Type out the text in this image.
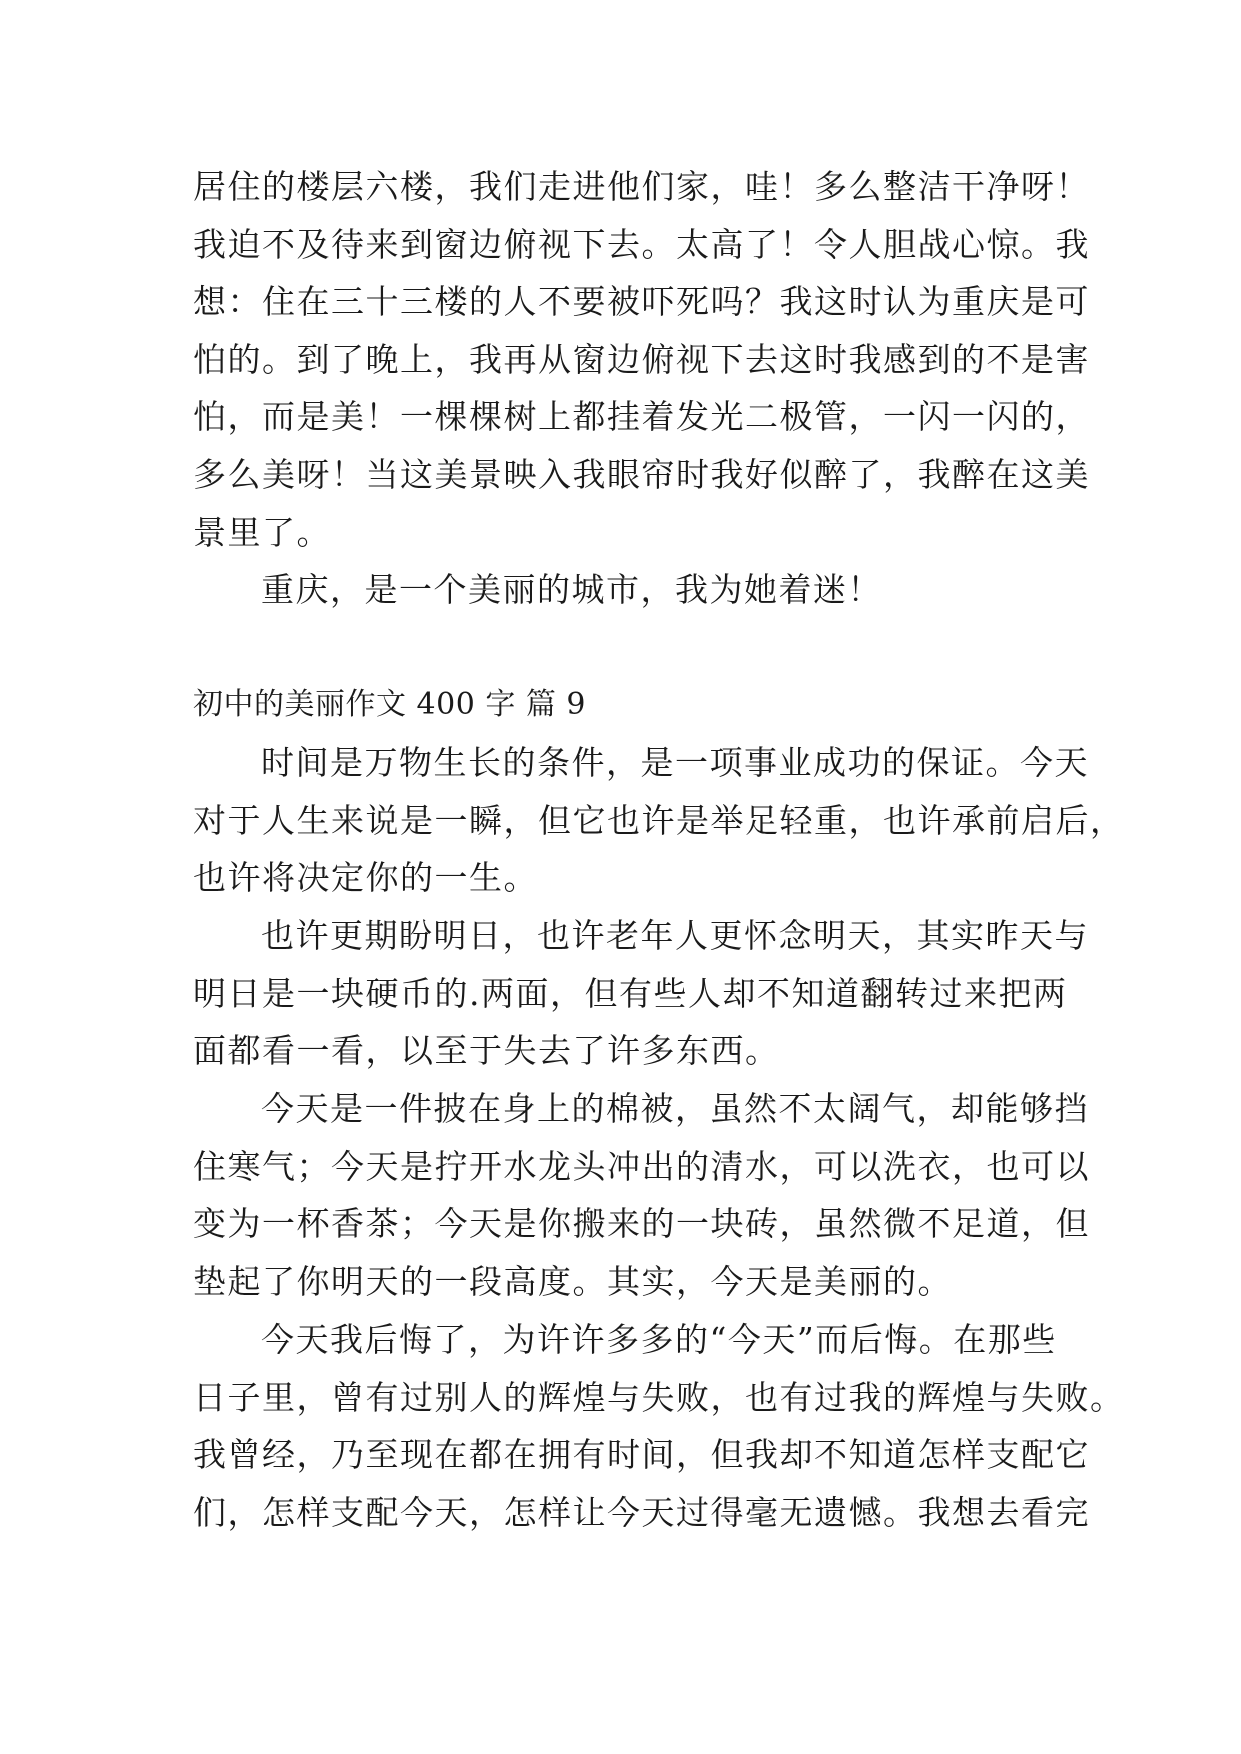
居住的楼层六楼，我们走进他们家，哇！多么整洁干净呀！
我迫不及待来到窗边俯视下去。太高了！令人胆战心惊。我
想：住在三十三楼的人不要被吓死吗？我这时认为重庆是可
怕的。到了晚上，我再从窗边俯视下去这时我感到的不是害
怕，而是美！一棵棵树上都挂着发光二极管，一闪一闪的，
多么美呀！当这美景映入我眼帘时我好似醉了，我醉在这美
景里了。
重庆，是一个美丽的城市，我为她着迷！
初中的美丽作文 400 字 篇 9
时间是万物生长的条件，是一项事业成功的保证。今天
对于人生来说是一瞬，但它也许是举足轻重，也许承前启后，
也许将决定你的一生。
也许更期盼明日，也许老年人更怀念明天，其实昨天与
明日是一块硬币的.两面，但有些人却不知道翻转过来把两
面都看一看，以至于失去了许多东西。
今天是一件披在身上的棉被，虽然不太阔气，却能够挡
住寒气；今天是拧开水龙头冲出的清水，可以洗衣，也可以
变为一杯香茶；今天是你搬来的一块砖，虽然微不足道，但
垫起了你明天的一段高度。其实，今天是美丽的。
今天我后悔了，为许许多多的“今天”而后悔。在那些
日子里，曾有过别人的辉煌与失败，也有过我的辉煌与失败。
我曾经，乃至现在都在拥有时间，但我却不知道怎样支配它
们，怎样支配今天，怎样让今天过得毫无遗憾。我想去看完
